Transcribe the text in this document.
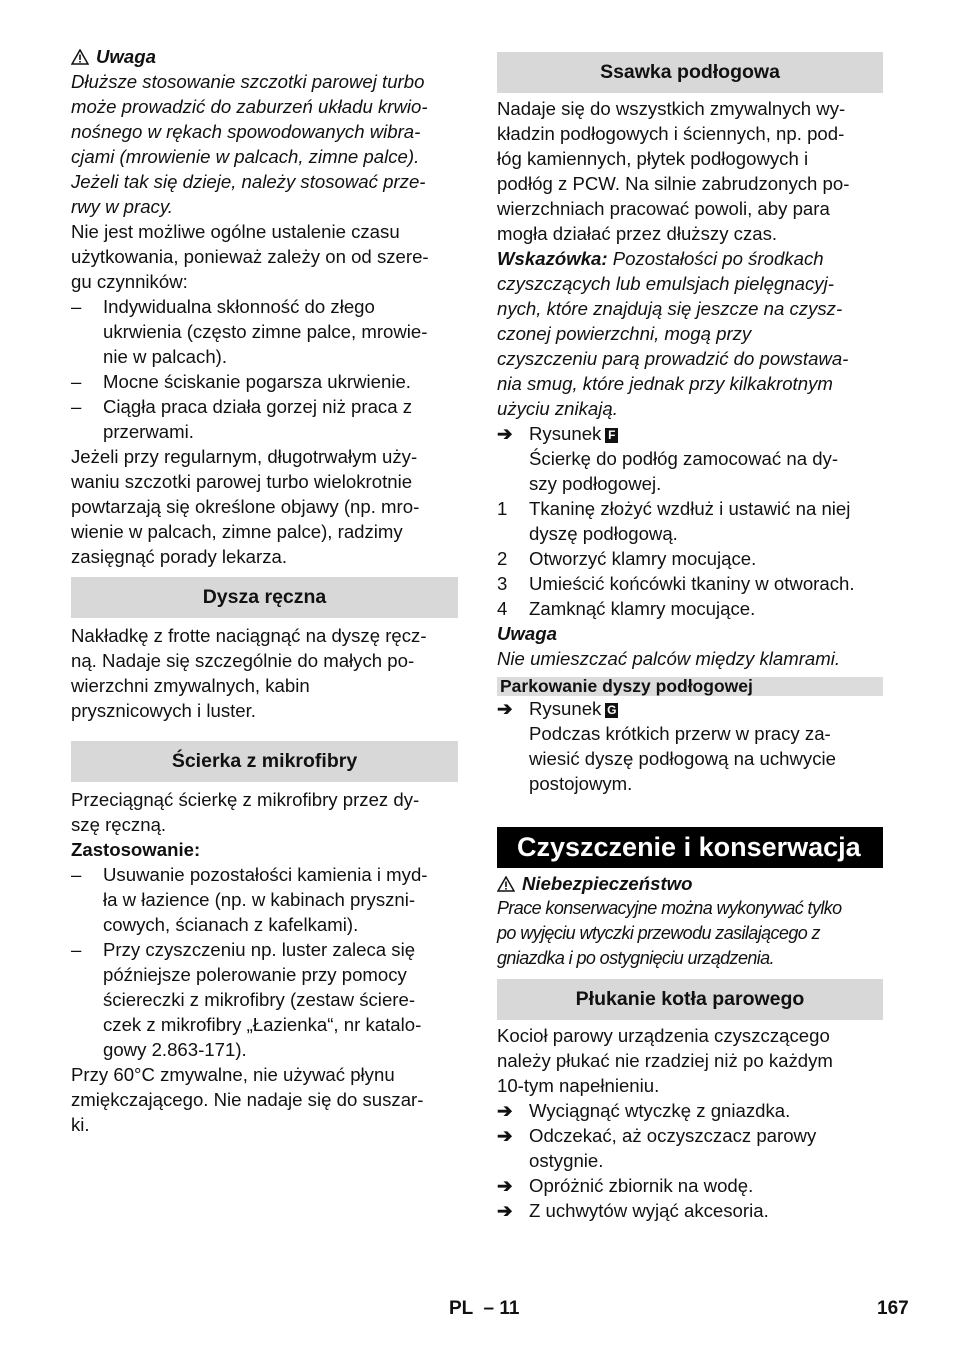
Uwaga

Dłuższe stosowanie szczotki parowej turbo

może prowadzić do zaburzeń układu krwio-

nośnego w rękach spowodowanych wibra-

cjami (mrowienie w palcach, zimne palce).

Jeżeli tak się dzieje, należy stosować prze-

rwy w pracy.

Nie jest możliwe ogólne ustalenie czasu

użytkowania, ponieważ zależy on od szere-

gu czynników:

–	Indywidualna skłonność do złego

ukrwienia (często zimne palce, mrowie-

nie w palcach).

–	Mocne ściskanie pogarsza ukrwienie.

–	Ciągła praca działa gorzej niż praca z

przerwami.

Jeżeli przy regularnym, długotrwałym uży-

waniu szczotki parowej turbo wielokrotnie

powtarzają się określone objawy (np. mro-

wienie w palcach, zimne palce), radzimy

zasięgnąć porady lekarza.

Dysza ręczna

Nakładkę z frotte naciągnąć na dyszę ręcz-

ną. Nadaje się szczególnie do małych po-

wierzchni zmywalnych, kabin

prysznicowych i luster.

Ścierka z mikrofibry

Przeciągnąć ścierkę z mikrofibry przez dy-

szę ręczną.

Zastosowanie:

–	Usuwanie pozostałości kamienia i myd-

ła w łazience (np. w kabinach pryszni-

cowych, ścianach z kafelkami).

–	Przy czyszczeniu np. luster zaleca się

późniejsze polerowanie przy pomocy

ściereczki z mikrofibry (zestaw ściere-

czek z mikrofibry „Łazienka“, nr katalo-

gowy 2.863-171).

Przy 60°C zmywalne, nie używać płynu

zmiękczającego. Nie nadaje się do suszar-

ki.

Ssawka podłogowa

Nadaje się do wszystkich zmywalnych wy-

kładzin podłogowych i ściennych, np. pod-

łóg kamiennych, płytek podłogowych i

podłóg z PCW. Na silnie zabrudzonych po-

wierzchniach pracować powoli, aby para

mogła działać przez dłuższy czas.

Wskazówka: Pozostałości po środkach

czyszczących lub emulsjach pielęgnacyj-

nych, które znajdują się jeszcze na czysz-

czonej powierzchni, mogą przy

czyszczeniu parą prowadzić do powstawa-

nia smug, które jednak przy kilkakrotnym

użyciu znikają.

➔ Rysunek F

Ścierkę do podłóg zamocować na dy-

szy podłogowej.

1	Tkaninę złożyć wzdłuż i ustawić na niej

dyszę podłogową.

2	Otworzyć klamry mocujące.

3	Umieścić końcówki tkaniny w otworach.

4	Zamknąć klamry mocujące.

Uwaga

Nie umieszczać palców między klamrami.

Parkowanie dyszy podłogowej
➔ Rysunek G

Podczas krótkich przerw w pracy za-

wiesić dyszę podłogową na uchwycie

postojowym.

Czyszczenie i konserwacja

Niebezpieczeństwo

Prace konserwacyjne można wykonywać tylko

po wyjęciu wtyczki przewodu zasilającego z

gniazdka i po ostygnięciu urządzenia.

Płukanie kotła parowego

Kocioł parowy urządzenia czyszczącego

należy płukać nie rzadziej niż po każdym

10-tym napełnieniu.

➔ Wyciągnąć wtyczkę z gniazdka.

➔ Odczekać, aż oczyszczacz parowy

ostygnie.

➔ Opróżnić zbiornik na wodę.

➔ Z uchwytów wyjąć akcesoria.

PL  – 11	167
